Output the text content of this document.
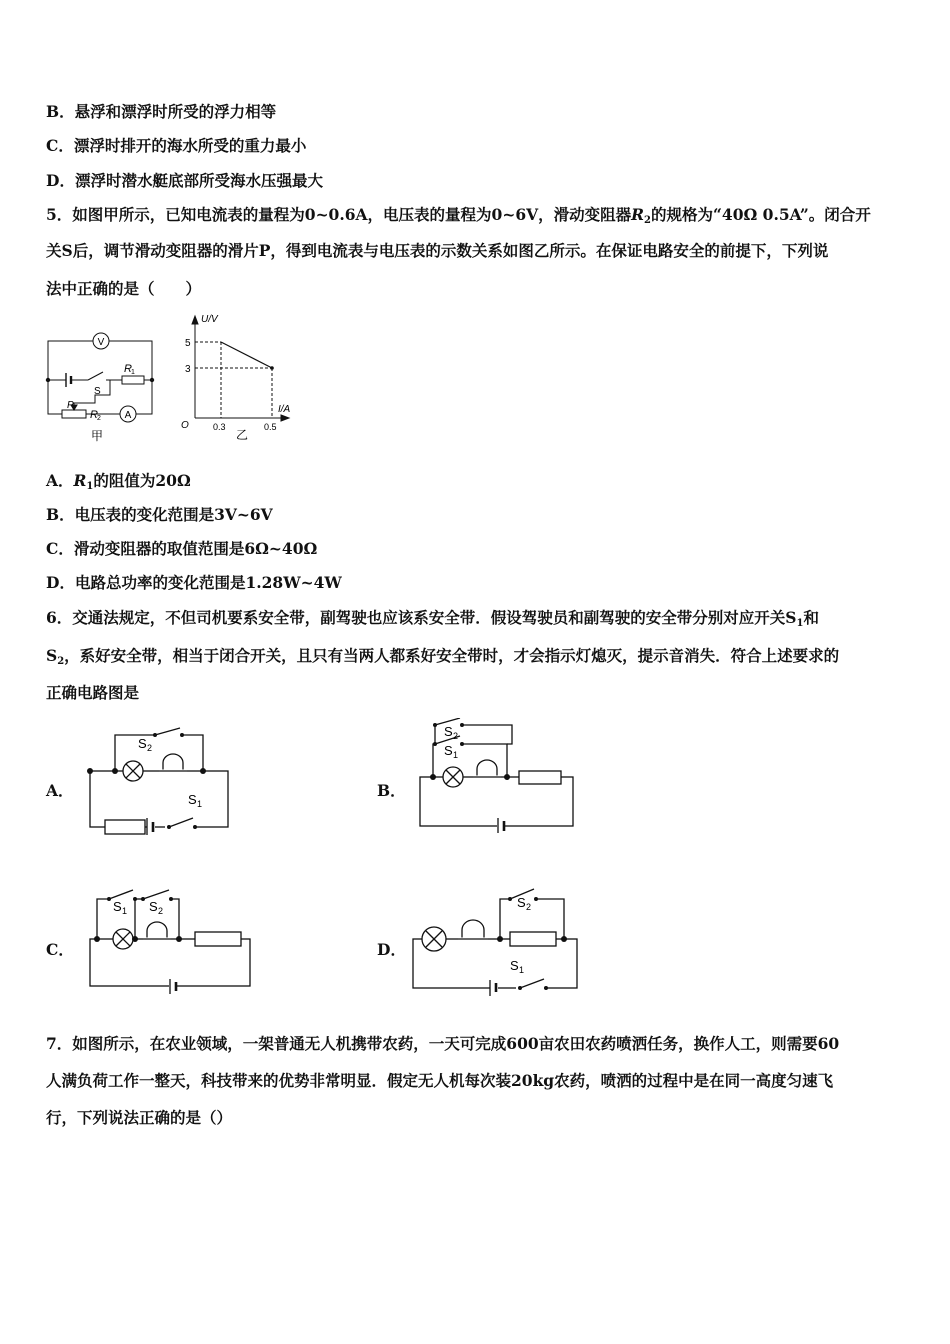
B．悬浮和漂浮时所受的浮力相等
C．漂浮时排开的海水所受的重力最小
D．漂浮时潜水艇底部所受海水压强最大
5．如图甲所示，已知电流表的量程为0~0.6A，电压表的量程为0~6V，滑动变阻器$R_2$的规格为“40Ω 0.5A”。闭合开
关S后，调节滑动变阻器的滑片P，得到电流表与电压表的示数关系如图乙所示。在保证电路安全的前提下，下列说
法中正确的是（　　）
V
A
R 1
R 2
S
P
甲
U/V
I/A
O
5
3
0.3	0.5
乙
A．$R_1$的阻值为20Ω
B．电压表的变化范围是3V~6V
C．滑动变阻器的取值范围是6Ω~40Ω
D．电路总功率的变化范围是1.28W~4W
6．交通法规定，不但司机要系安全带，副驾驶也应该系安全带．假设驾驶员和副驾驶的安全带分别对应开关$S_1$和
$S_2$，系好安全带，相当于闭合开关，且只有当两人都系好安全带时，才会指示灯熄灭，提示音消失．符合上述要求的
正确电路图是
A．	B．
C．	D．
S 2
S 1
S 2
S 1
S 1 S 2
S 2
S 1
7．如图所示，在农业领域，一架普通无人机携带农药，一天可完成600亩农田农药喷洒任务，换作人工，则需要60
人满负荷工作一整天，科技带来的优势非常明显．假定无人机每次装20kg农药，喷洒的过程中是在同一高度匀速飞
行，下列说法正确的是（）
